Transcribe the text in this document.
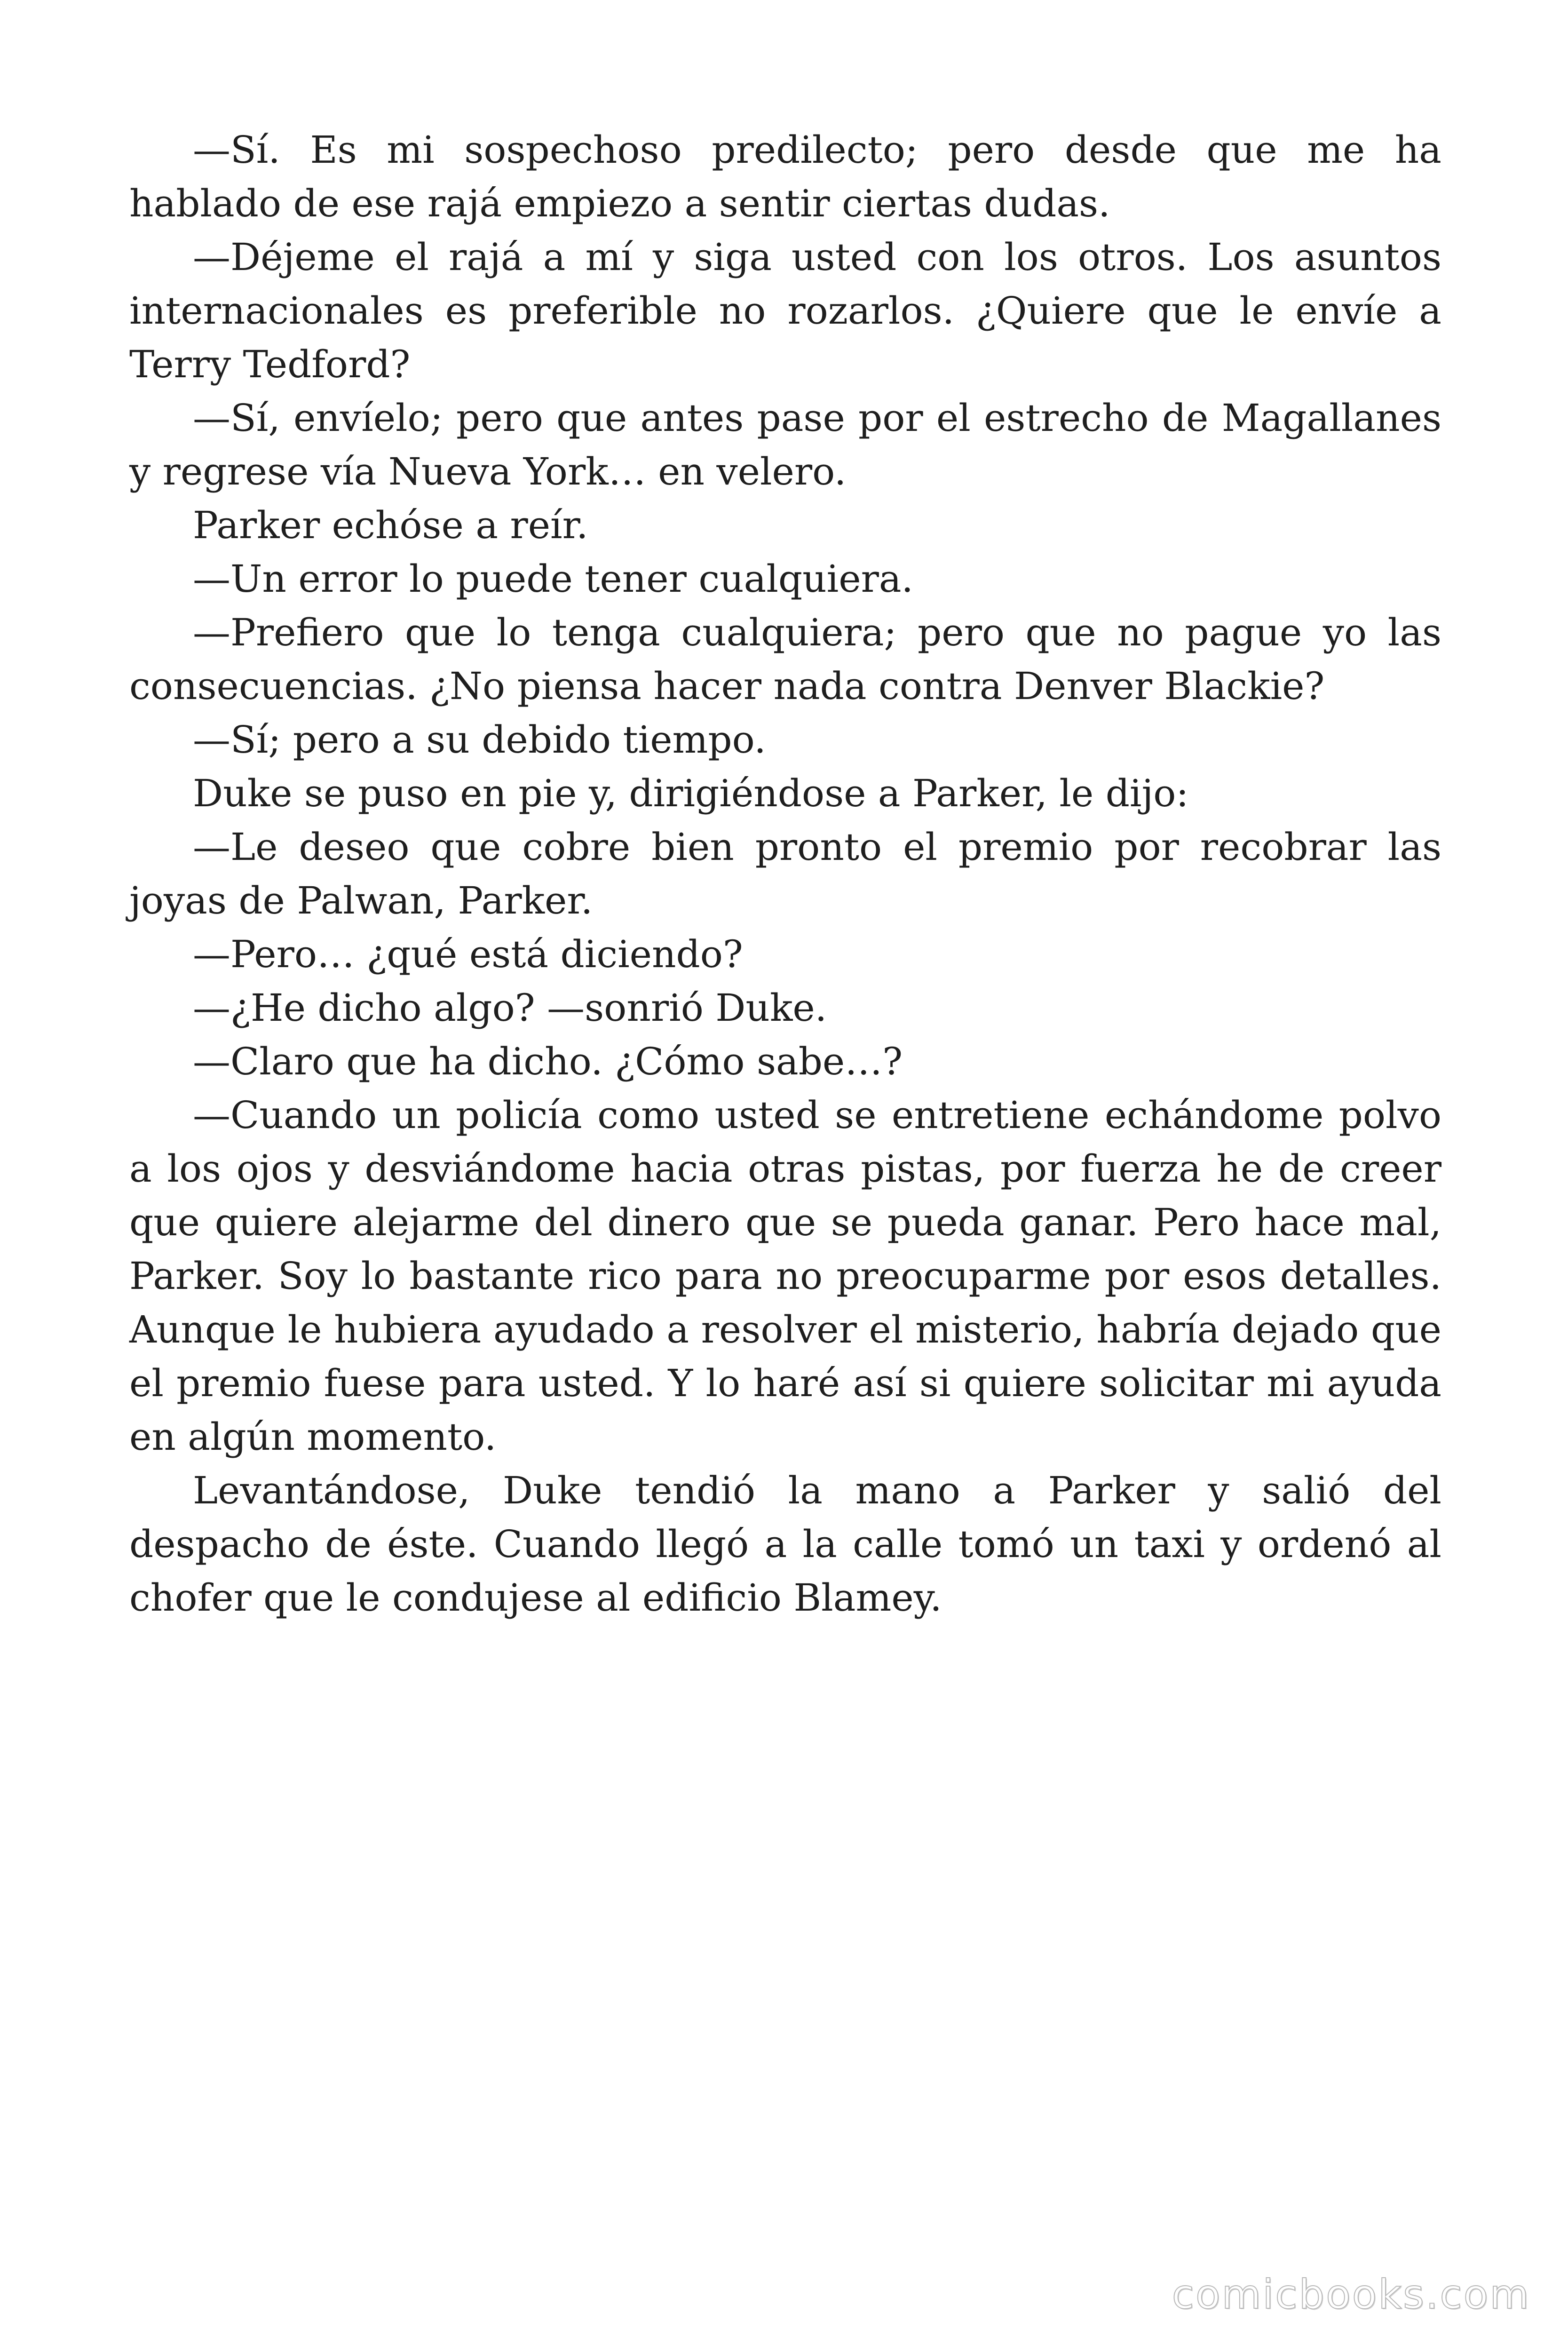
—Sí. Es mi sospechoso predilecto; pero desde que me ha hablado de ese rajá empiezo a sentir ciertas dudas.

—Déjeme el rajá a mí y siga usted con los otros. Los asuntos internacionales es preferible no rozarlos. ¿Quiere que le envíe a Terry Tedford?

—Sí, envíelo; pero que antes pase por el estrecho de Magallanes y regrese vía Nueva York… en velero.

Parker echóse a reír.

—Un error lo puede tener cualquiera.

—Prefiero que lo tenga cualquiera; pero que no pague yo las consecuencias. ¿No piensa hacer nada contra Denver Blackie?

—Sí; pero a su debido tiempo.

Duke se puso en pie y, dirigiéndose a Parker, le dijo:

—Le deseo que cobre bien pronto el premio por recobrar las joyas de Palwan, Parker.

—Pero… ¿qué está diciendo?

—¿He dicho algo? —sonrió Duke.

—Claro que ha dicho. ¿Cómo sabe…?

—Cuando un policía como usted se entretiene echándome polvo a los ojos y desviándome hacia otras pistas, por fuerza he de creer que quiere alejarme del dinero que se pueda ganar. Pero hace mal, Parker. Soy lo bastante rico para no preocuparme por esos detalles. Aunque le hubiera ayudado a resolver el misterio, habría dejado que el premio fuese para usted. Y lo haré así si quiere solicitar mi ayuda en algún momento.

Levantándose, Duke tendió la mano a Parker y salió del despacho de éste. Cuando llegó a la calle tomó un taxi y ordenó al chofer que le condujese al edificio Blamey.

comicbooks.com
